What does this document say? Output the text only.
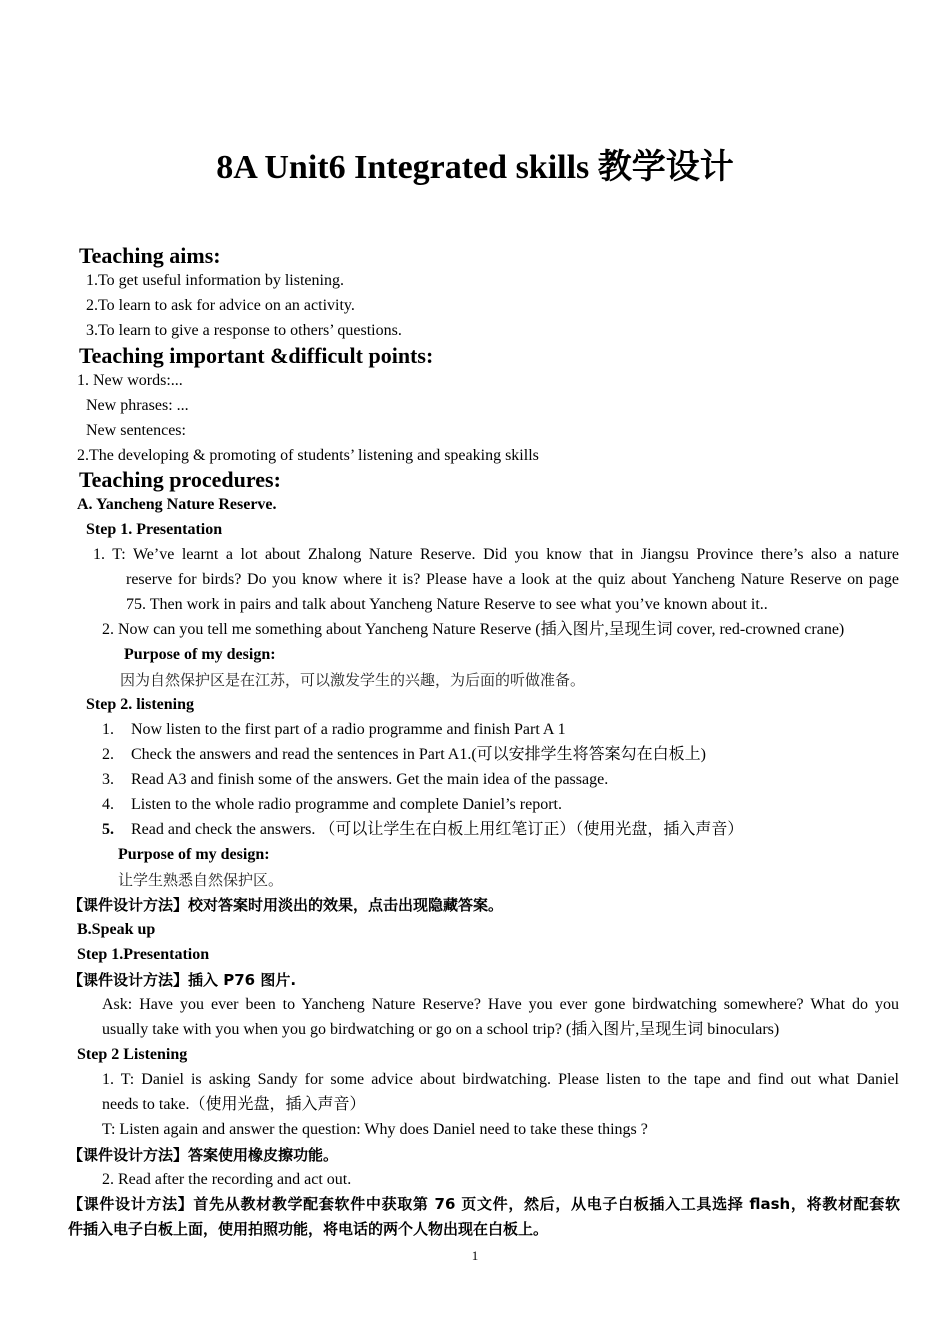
8A Unit6 Integrated skills 教学设计
Teaching aims:
1.To get useful information by listening.
2.To learn to ask for advice on an activity.
3.To learn to give a response to others’ questions.
Teaching important &difficult points:
1. New words:...
New phrases: ...
New sentences:
2.The developing & promoting of students’ listening and speaking skills
Teaching procedures:
A. Yancheng Nature Reserve.
Step 1. Presentation
1. T: We’ve learnt a lot about Zhalong Nature Reserve. Did you know that in Jiangsu Province there’s also a nature
reserve for birds? Do you know where it is? Please have a look at the quiz about Yancheng Nature Reserve on page
75. Then work in pairs and talk about Yancheng Nature Reserve to see what you’ve known about it..
2. Now can you tell me something about Yancheng Nature Reserve (插入图片,呈现生词 cover, red-crowned crane)
Purpose of my design:
因为自然保护区是在江苏，可以激发学生的兴趣，为后面的听做准备。
Step 2. listening
1. Now listen to the first part of a radio programme and finish Part A 1
2. Check the answers and read the sentences in Part A1.(可以安排学生将答案勾在白板上)
3. Read A3 and finish some of the answers. Get the main idea of the passage.
4. Listen to the whole radio programme and complete Daniel’s report.
5. Read and check the answers. （可以让学生在白板上用红笔订正）（使用光盘，插入声音）
Purpose of my design:
让学生熟悉自然保护区。
【课件设计方法】校对答案时用淡出的效果，点击出现隐藏答案。
B.Speak up
Step 1.Presentation
【课件设计方法】插入 P76 图片.
Ask: Have you ever been to Yancheng Nature Reserve? Have you ever gone birdwatching somewhere? What do you
usually take with you when you go birdwatching or go on a school trip? (插入图片,呈现生词 binoculars)
Step 2 Listening
1. T: Daniel is asking Sandy for some advice about birdwatching. Please listen to the tape and find out what Daniel
needs to take.（使用光盘，插入声音）
T: Listen again and answer the question: Why does Daniel need to take these things ?
【课件设计方法】答案使用橡皮擦功能。
2. Read after the recording and act out.
【课件设计方法】首先从教材教学配套软件中获取第 76 页文件，然后，从电子白板插入工具选择 flash，将教材配套软
件插入电子白板上面，使用拍照功能，将电话的两个人物出现在白板上。
1
